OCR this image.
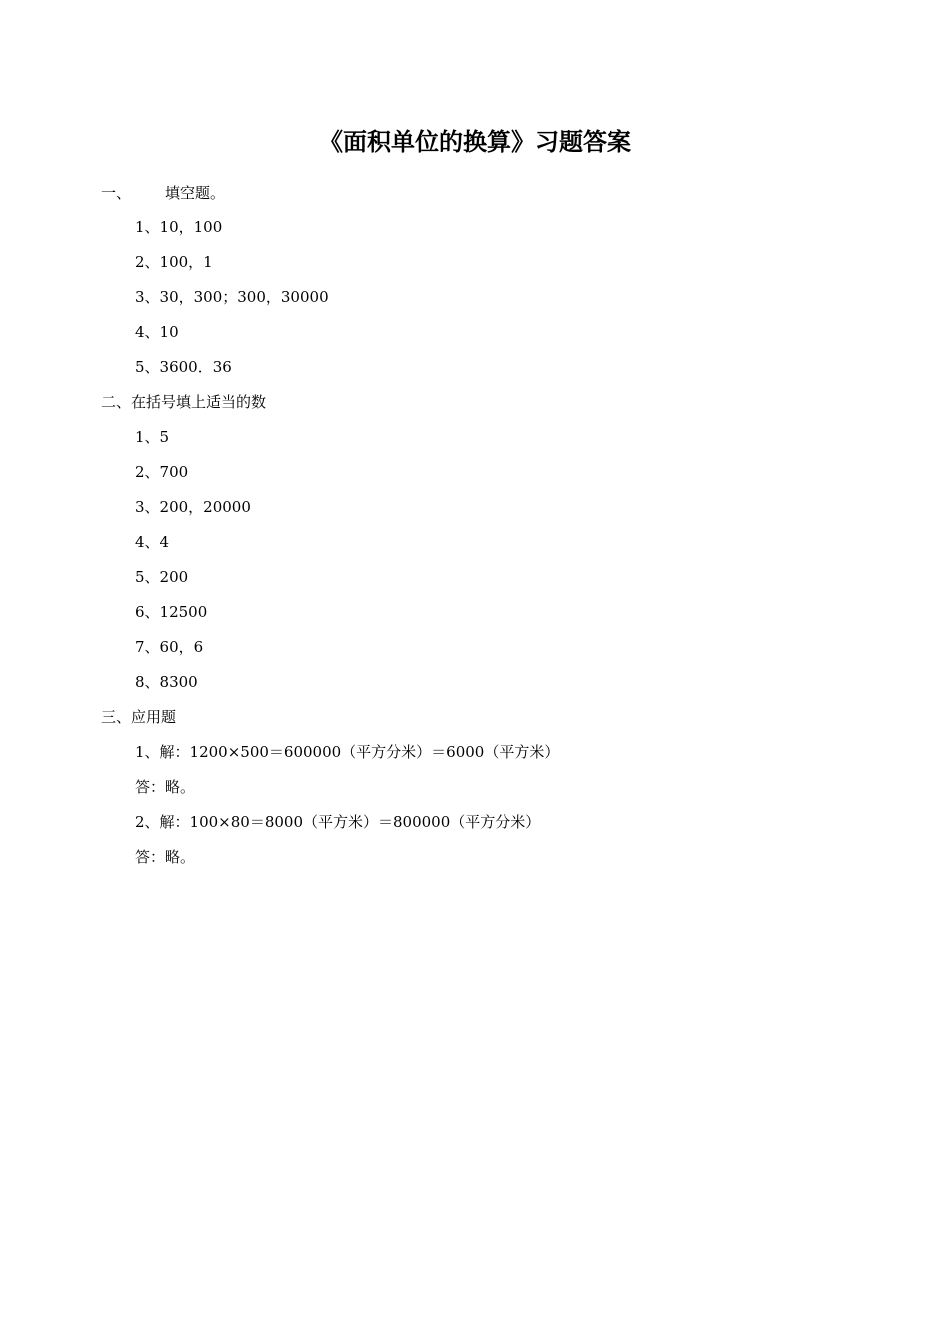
《面积单位的换算》习题答案
一、 填空题。
1、10，100
2、100，1
3、30，300；300，30000
4、10
5、3600．36
二、在括号填上适当的数
1、5
2、700
3、200，20000
4、4
5、200
6、12500
7、60，6
8、8300
三、应用题
1、解：1200×500＝600000（平方分米）＝6000（平方米）
答：略。
2、解：100×80＝8000（平方米）＝800000（平方分米）
答：略。
